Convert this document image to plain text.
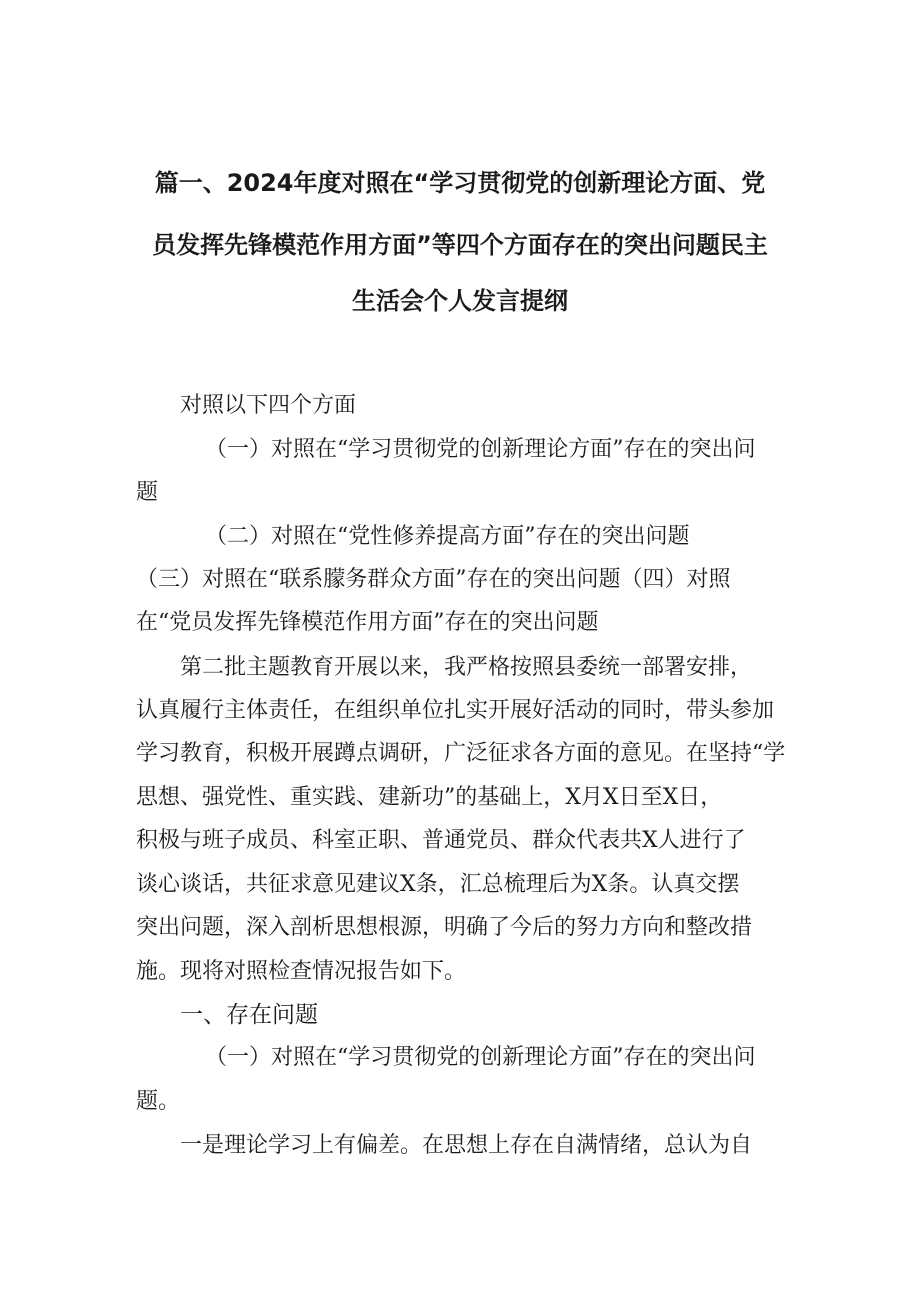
篇一、2024年度对照在“学习贯彻党的创新理论方面、党
员发挥先锋模范作用方面”等四个方面存在的突出问题民主
生活会个人发言提纲
对照以下四个方面
（一）对照在“学习贯彻党的创新理论方面”存在的突出问
题
（二）对照在“党性修养提高方面”存在的突出问题
（三）对照在“联系朦务群众方面”存在的突出问题（四）对照
在“党员发挥先锋模范作用方面”存在的突出问题
第二批主题教育开展以来，我严格按照县委统一部署安排，
认真履行主体责任，在组织单位扎实开展好活动的同时，带头参加
学习教育，积极开展蹲点调研，广泛征求各方面的意见。在坚持“学
思想、强党性、重实践、建新功”的基础上，X月X日至X日，
积极与班子成员、科室正职、普通党员、群众代表共X人进行了
谈心谈话，共征求意见建议X条，汇总梳理后为X条。认真交摆
突出问题，深入剖析思想根源，明确了今后的努力方向和整改措
施。现将对照检查情况报告如下。
一、存在问题
（一）对照在“学习贯彻党的创新理论方面”存在的突出问
题。
一是理论学习上有偏差。在思想上存在自满情绪，总认为自
